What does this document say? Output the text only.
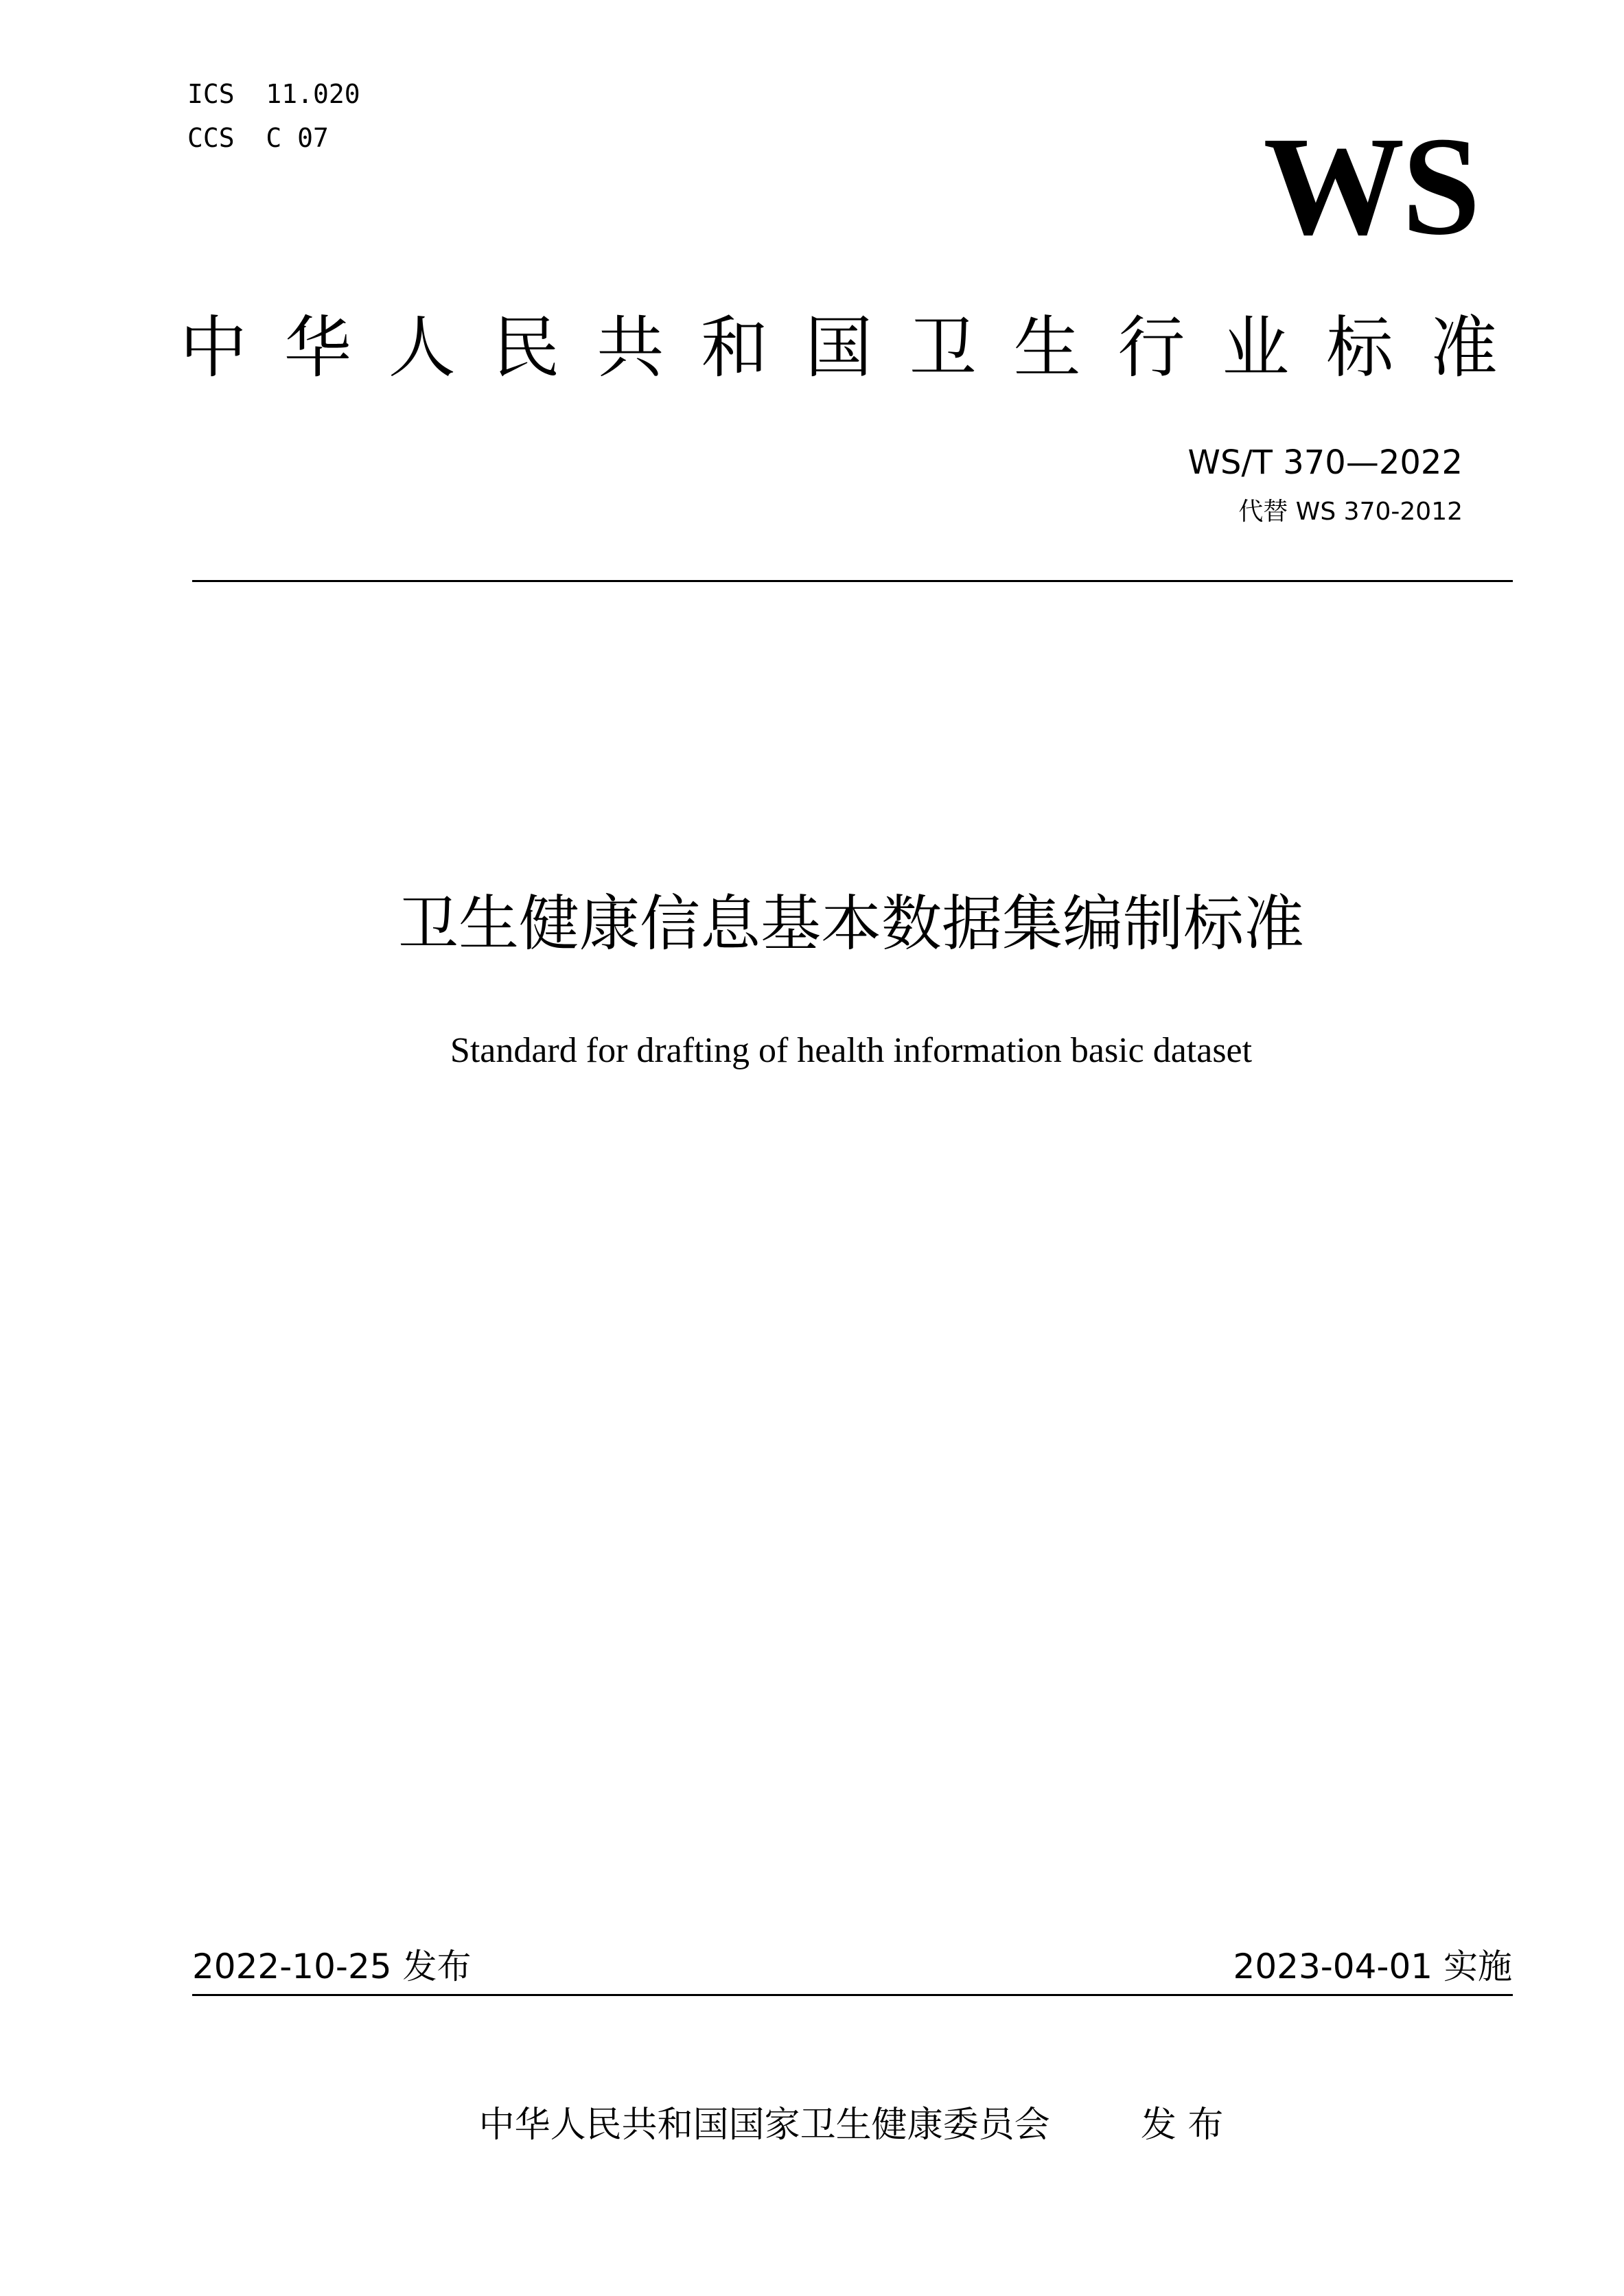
ICS  11.020
CCS  C 07	WS
中 华 人 民 共 和 国 卫 生 行 业 标 准
WS/T 370—2022
代替 WS 370-2012
卫生健康信息基本数据集编制标准
Standard for drafting of health information basic dataset
2022-10-25 发布	2023-04-01 实施
中华人民共和国国家卫生健康委员会	发 布
